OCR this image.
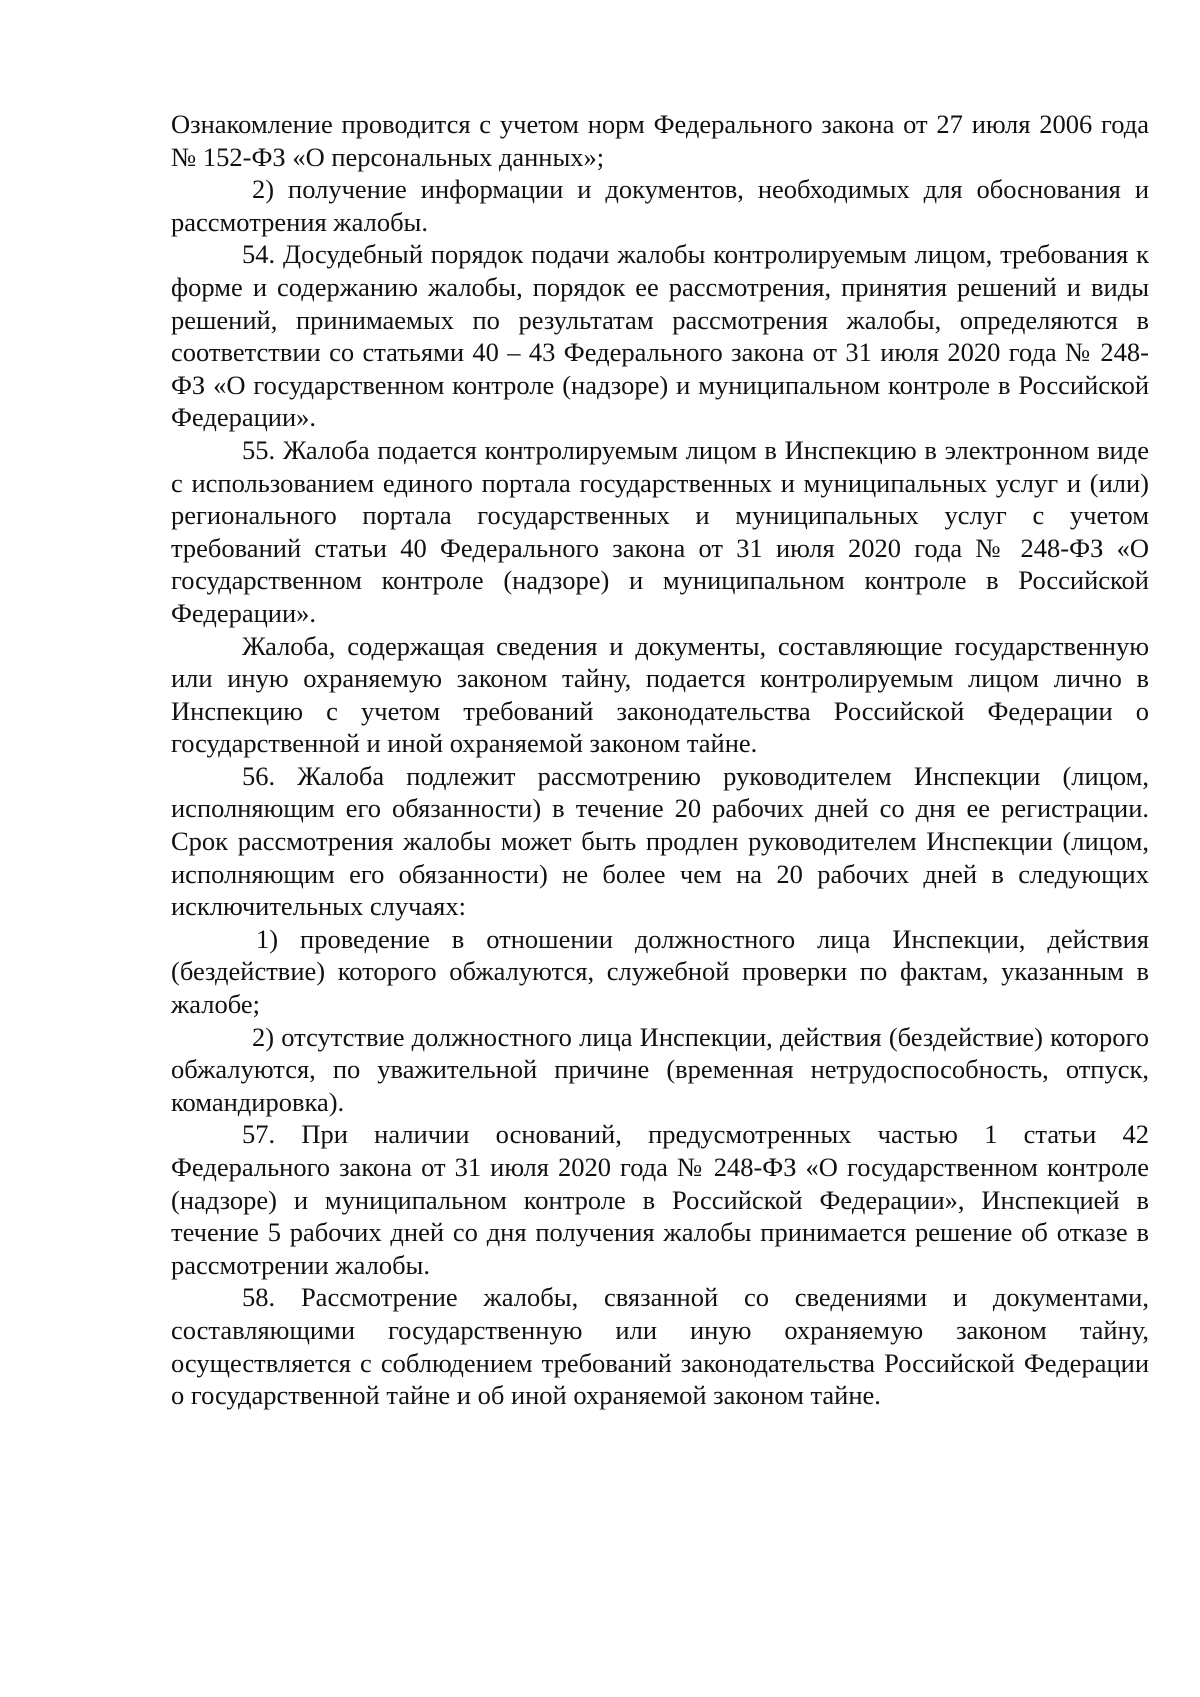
Ознакомление проводится с учетом норм Федерального закона от 27 июля 2006 года № 152-ФЗ «О персональных данных»;

2) получение информации и документов, необходимых для обоснования и рассмотрения жалобы.

54. Досудебный порядок подачи жалобы контролируемым лицом, требования к форме и содержанию жалобы, порядок ее рассмотрения, принятия решений и виды решений, принимаемых по результатам рассмотрения жалобы, определяются в соответствии со статьями 40 – 43 Федерального закона от 31 июля 2020 года № 248-ФЗ «О государственном контроле (надзоре) и муниципальном контроле в Российской Федерации».

55. Жалоба подается контролируемым лицом в Инспекцию в электронном виде с использованием единого портала государственных и муниципальных услуг и (или) регионального портала государственных и муниципальных услуг с учетом требований статьи 40 Федерального закона от 31 июля 2020 года № 248-ФЗ «О государственном контроле (надзоре) и муниципальном контроле в Российской Федерации».

Жалоба, содержащая сведения и документы, составляющие государственную или иную охраняемую законом тайну, подается контролируемым лицом лично в Инспекцию с учетом требований законодательства Российской Федерации о государственной и иной охраняемой законом тайне.

56. Жалоба подлежит рассмотрению руководителем Инспекции (лицом, исполняющим его обязанности) в течение 20 рабочих дней со дня ее регистрации. Срок рассмотрения жалобы может быть продлен руководителем Инспекции (лицом, исполняющим его обязанности) не более чем на 20 рабочих дней в следующих исключительных случаях:

1) проведение в отношении должностного лица Инспекции, действия (бездействие) которого обжалуются, служебной проверки по фактам, указанным в жалобе;

2) отсутствие должностного лица Инспекции, действия (бездействие) которого обжалуются, по уважительной причине (временная нетрудоспособность, отпуск, командировка).

57. При наличии оснований, предусмотренных частью 1 статьи 42 Федерального закона от 31 июля 2020 года № 248-ФЗ «О государственном контроле (надзоре) и муниципальном контроле в Российской Федерации», Инспекцией в течение 5 рабочих дней со дня получения жалобы принимается решение об отказе в рассмотрении жалобы.

58. Рассмотрение жалобы, связанной со сведениями и документами, составляющими государственную или иную охраняемую законом тайну, осуществляется с соблюдением требований законодательства Российской Федерации о государственной тайне и об иной охраняемой законом тайне.
